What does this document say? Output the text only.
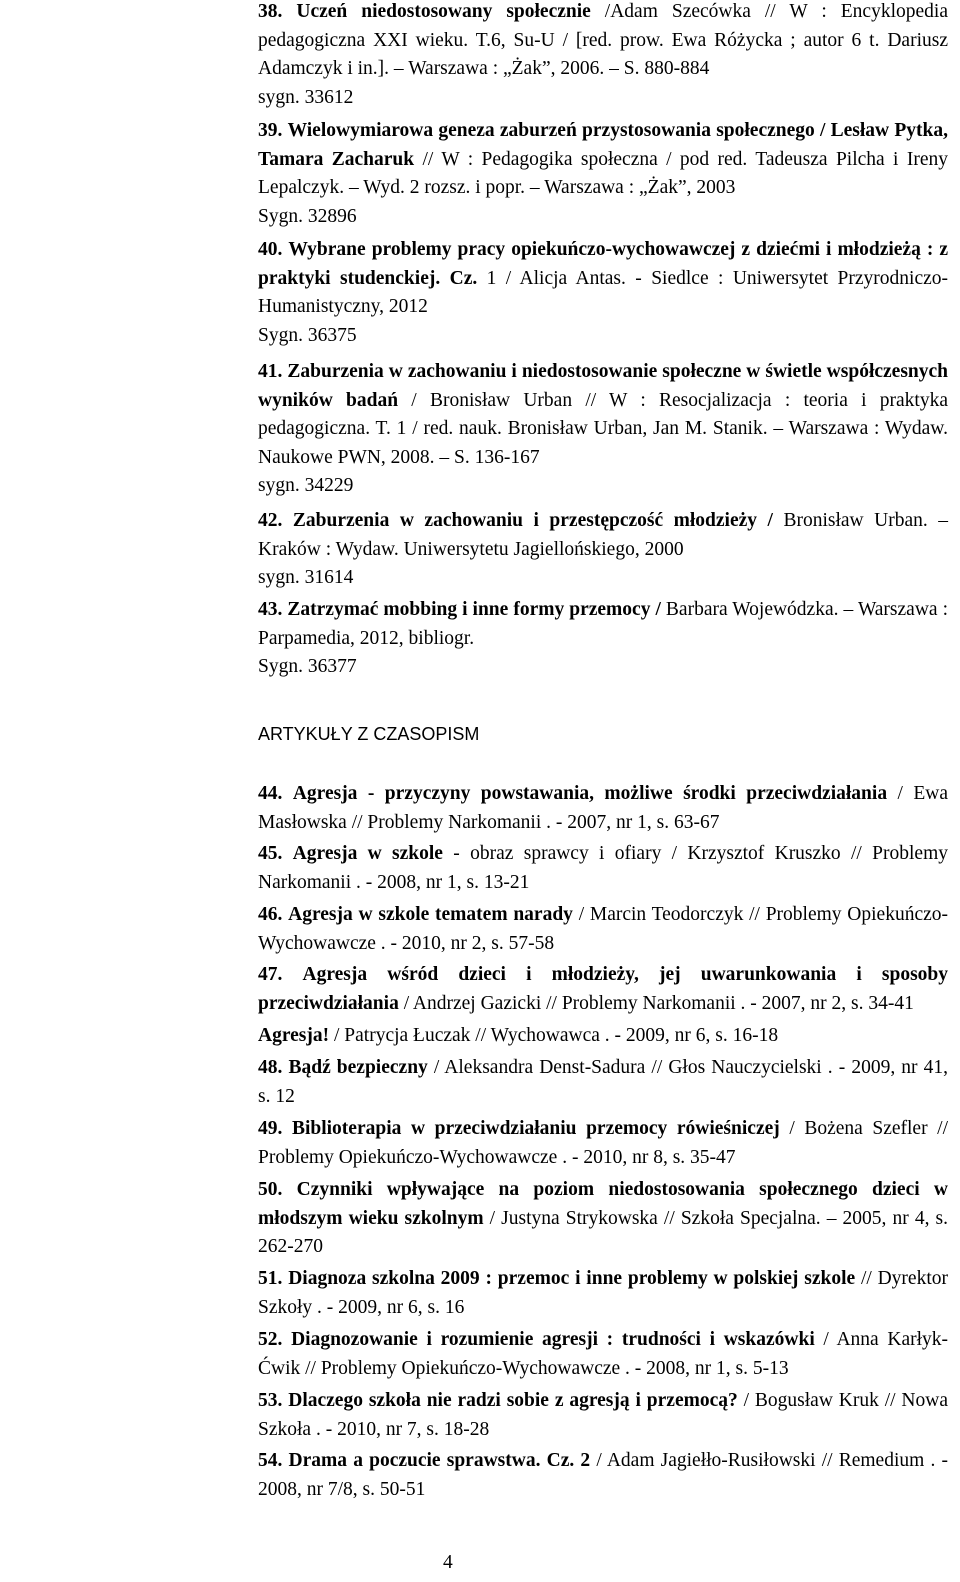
38. Uczeń niedostosowany społecznie /Adam Szecówka // W : Encyklopedia pedagogiczna XXI wieku. T.6, Su-U / [red. prow. Ewa Różycka ; autor 6 t. Dariusz Adamczyk i in.]. – Warszawa : „Żak”, 2006. – S. 880-884
sygn. 33612

39. Wielowymiarowa geneza zaburzeń przystosowania społecznego / Lesław Pytka, Tamara Zacharuk // W : Pedagogika społeczna / pod red. Tadeusza Pilcha i Ireny Lepalczyk. – Wyd. 2 rozsz. i popr. – Warszawa : „Żak”, 2003
Sygn. 32896

40. Wybrane problemy pracy opiekuńczo-wychowawczej z dziećmi i młodzieżą : z praktyki studenckiej. Cz. 1 / Alicja Antas. - Siedlce : Uniwersytet Przyrodniczo-Humanistyczny, 2012
Sygn. 36375

41. Zaburzenia w zachowaniu i niedostosowanie społeczne w świetle współczesnych wyników badań / Bronisław Urban // W : Resocjalizacja : teoria i praktyka pedagogiczna. T. 1 / red. nauk. Bronisław Urban, Jan M. Stanik. – Warszawa : Wydaw. Naukowe PWN, 2008. – S. 136-167
sygn. 34229

42. Zaburzenia w zachowaniu i przestępczość młodzieży / Bronisław Urban. – Kraków : Wydaw. Uniwersytetu Jagiellońskiego, 2000
sygn. 31614

43. Zatrzymać mobbing i inne formy przemocy / Barbara Wojewódzka. – Warszawa : Parpamedia, 2012, bibliogr.
Sygn. 36377

ARTYKUŁY Z CZASOPISM

44. Agresja - przyczyny powstawania, możliwe środki przeciwdziałania / Ewa Masłowska // Problemy Narkomanii . - 2007, nr 1, s. 63-67

45. Agresja w szkole - obraz sprawcy i ofiary / Krzysztof Kruszko // Problemy Narkomanii . - 2008, nr 1, s. 13-21

46. Agresja w szkole tematem narady / Marcin Teodorczyk // Problemy Opiekuńczo-Wychowawcze . - 2010, nr 2, s. 57-58

47. Agresja wśród dzieci i młodzieży, jej uwarunkowania i sposoby przeciwdziałania / Andrzej Gazicki // Problemy Narkomanii . - 2007, nr 2, s. 34-41

Agresja! / Patrycja Łuczak // Wychowawca . - 2009, nr 6, s. 16-18

48. Bądź bezpieczny / Aleksandra Denst-Sadura // Głos Nauczycielski . - 2009, nr 41, s. 12

49. Biblioterapia w przeciwdziałaniu przemocy rówieśniczej / Bożena Szefler // Problemy Opiekuńczo-Wychowawcze . - 2010, nr 8, s. 35-47

50. Czynniki wpływające na poziom niedostosowania społecznego dzieci w młodszym wieku szkolnym / Justyna Strykowska // Szkoła Specjalna. – 2005, nr 4, s. 262-270

51. Diagnoza szkolna 2009 : przemoc i inne problemy w polskiej szkole // Dyrektor Szkoły . - 2009, nr 6, s. 16

52. Diagnozowanie i rozumienie agresji : trudności i wskazówki / Anna Karłyk-Ćwik // Problemy Opiekuńczo-Wychowawcze . - 2008, nr 1, s. 5-13

53. Dlaczego szkoła nie radzi sobie z agresją i przemocą? / Bogusław Kruk // Nowa Szkoła . - 2010, nr 7, s. 18-28

54. Drama a poczucie sprawstwa. Cz. 2 / Adam Jagiełło-Rusiłowski // Remedium . - 2008, nr 7/8, s. 50-51

4
